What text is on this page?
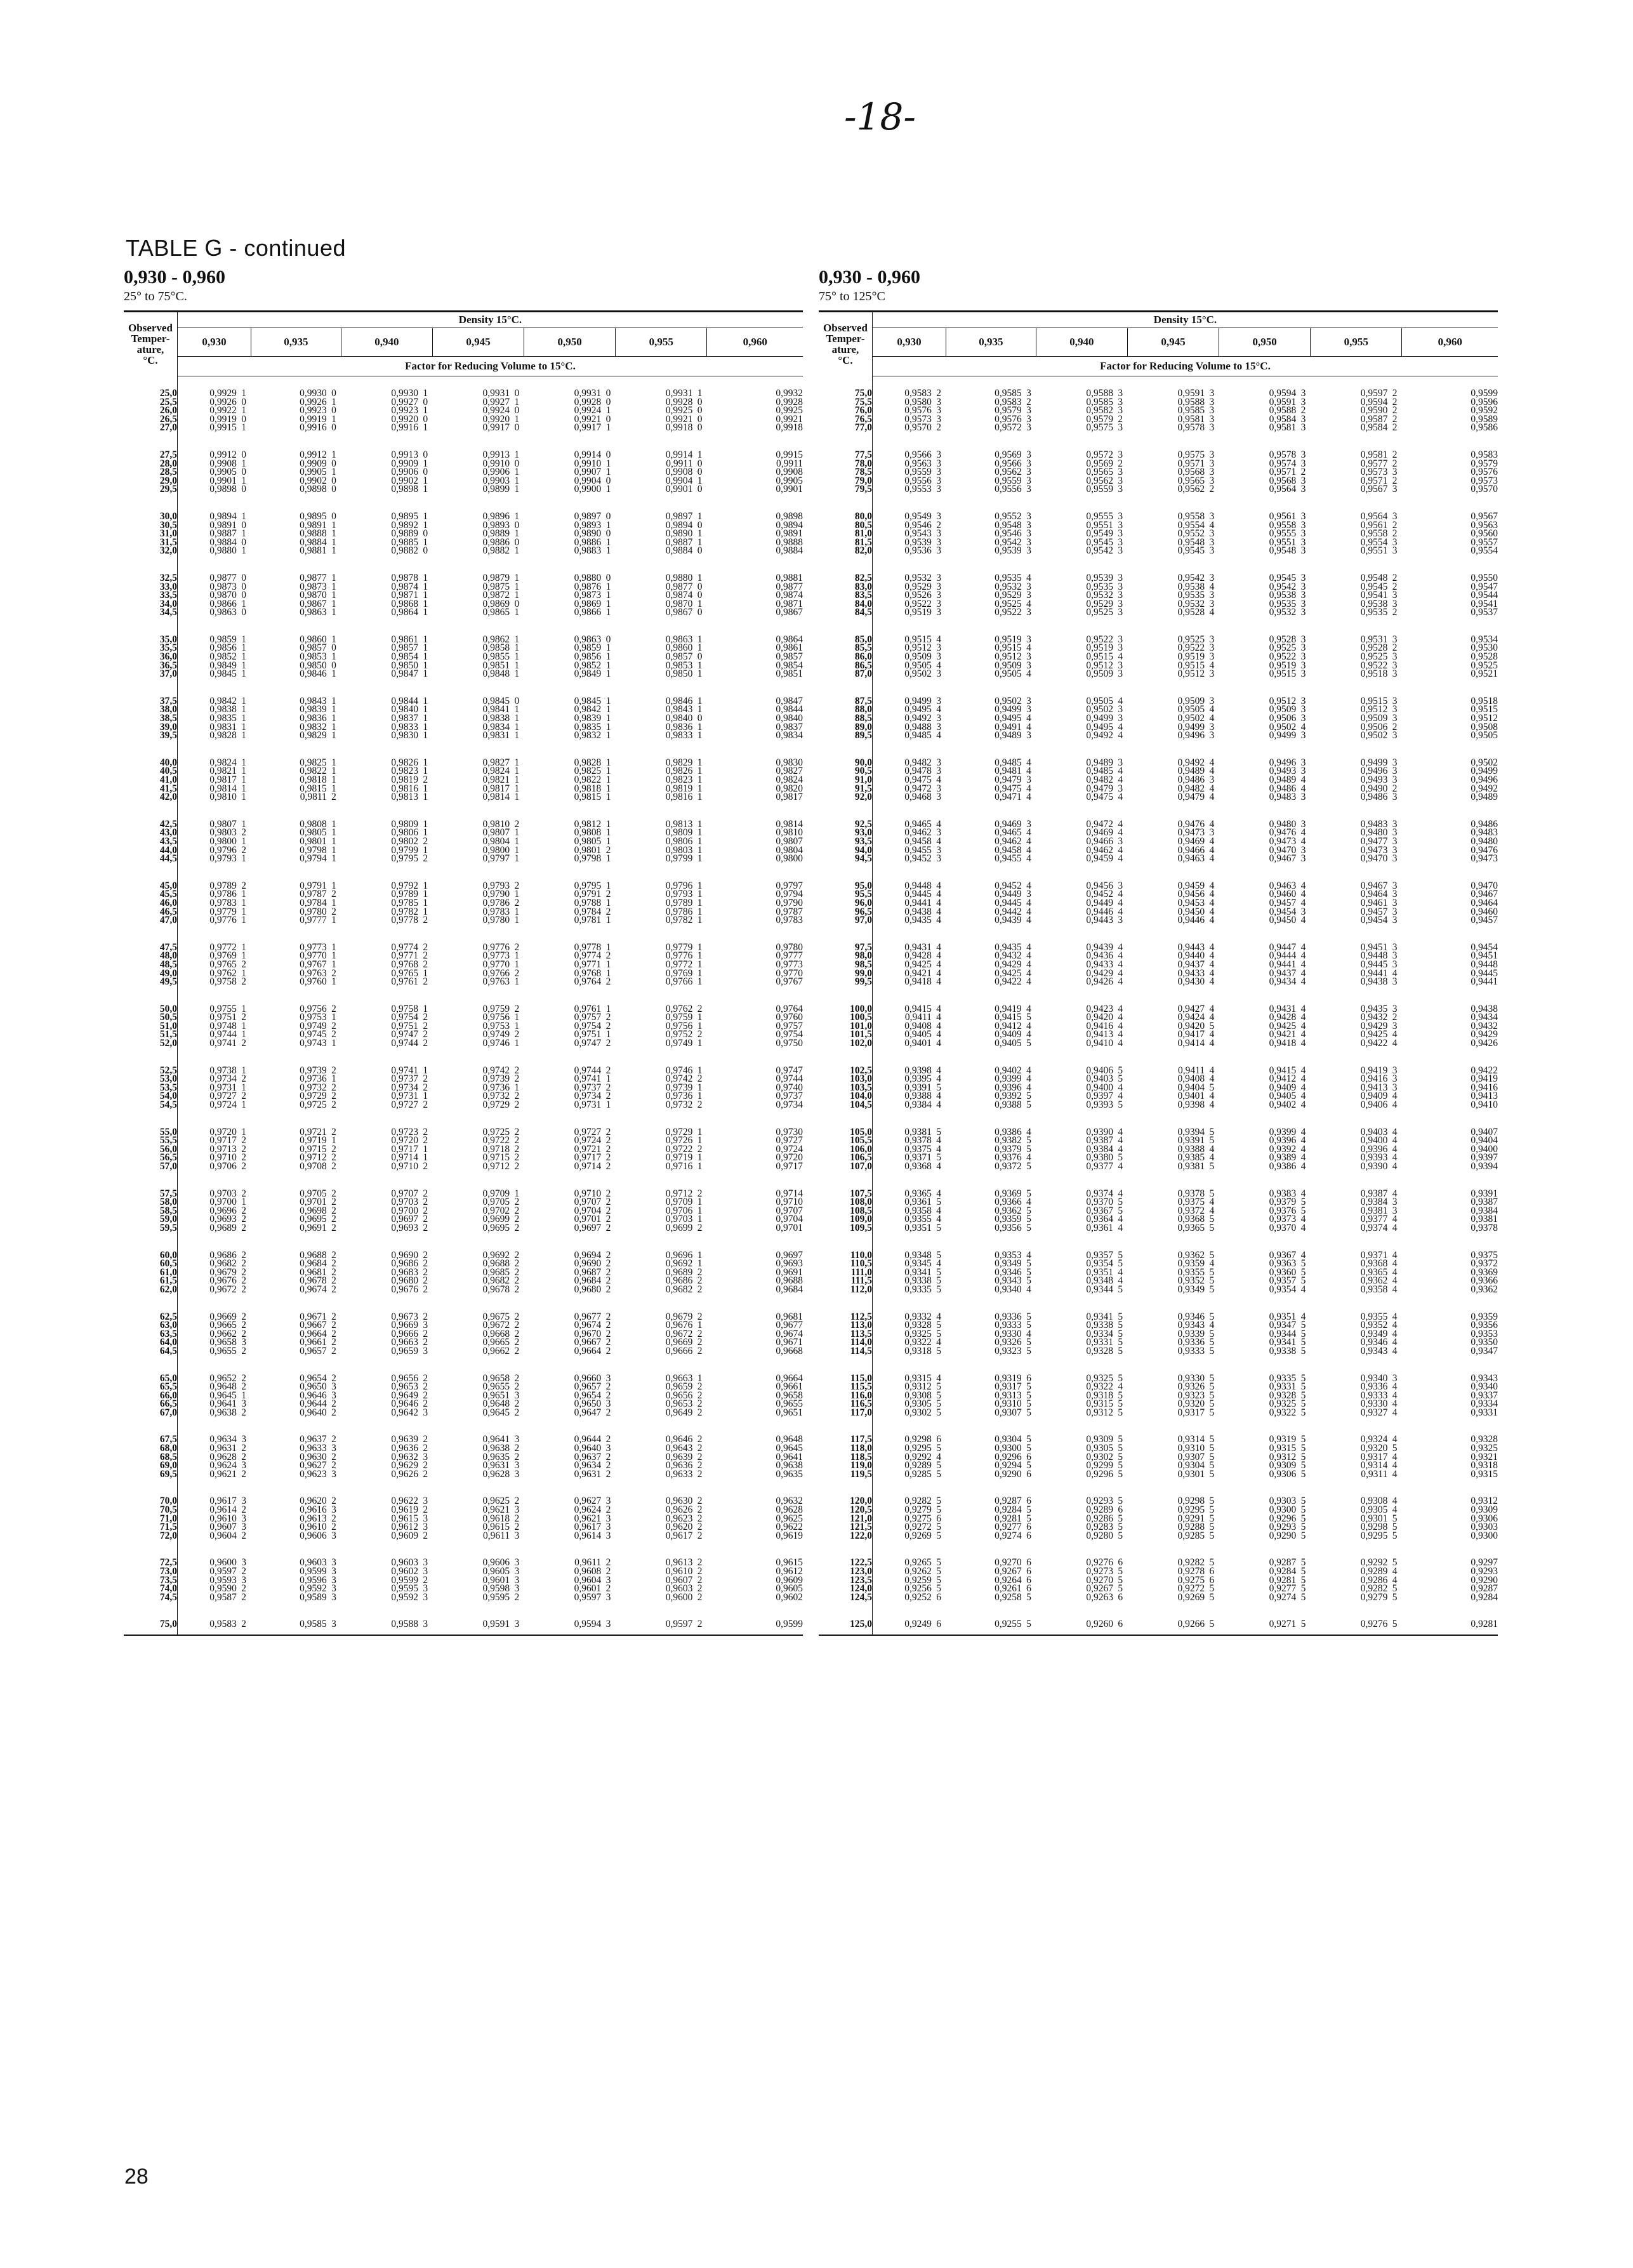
-18-
TABLE G - continued
0,930 - 0,960
25° to 75°C.
Observed
Temper-
ature,
°C.	Density 15°C.												
	0,930		0,935		0,940		0,945		0,950		0,955		0,960
	Factor for Reducing Volume to 15°C.												
25,0	0,9929	1	0,9930	0	0,9930	1	0,9931	0	0,9931	0	0,9931	1	0,9932
25,5	0,9926	0	0,9926	1	0,9927	0	0,9927	1	0,9928	0	0,9928	0	0,9928
26,0	0,9922	1	0,9923	0	0,9923	1	0,9924	0	0,9924	1	0,9925	0	0,9925
26,5	0,9919	0	0,9919	1	0,9920	0	0,9920	1	0,9921	0	0,9921	0	0,9921
27,0	0,9915	1	0,9916	0	0,9916	1	0,9917	0	0,9917	1	0,9918	0	0,9918
27,5	0,9912	0	0,9912	1	0,9913	0	0,9913	1	0,9914	0	0,9914	1	0,9915
28,0	0,9908	1	0,9909	0	0,9909	1	0,9910	0	0,9910	1	0,9911	0	0,9911
28,5	0,9905	0	0,9905	1	0,9906	0	0,9906	1	0,9907	1	0,9908	0	0,9908
29,0	0,9901	1	0,9902	0	0,9902	1	0,9903	1	0,9904	0	0,9904	1	0,9905
29,5	0,9898	0	0,9898	0	0,9898	1	0,9899	1	0,9900	1	0,9901	0	0,9901
30,0	0,9894	1	0,9895	0	0,9895	1	0,9896	1	0,9897	0	0,9897	1	0,9898
30,5	0,9891	0	0,9891	1	0,9892	1	0,9893	0	0,9893	1	0,9894	0	0,9894
31,0	0,9887	1	0,9888	1	0,9889	0	0,9889	1	0,9890	0	0,9890	1	0,9891
31,5	0,9884	0	0,9884	1	0,9885	1	0,9886	0	0,9886	1	0,9887	1	0,9888
32,0	0,9880	1	0,9881	1	0,9882	0	0,9882	1	0,9883	1	0,9884	0	0,9884
32,5	0,9877	0	0,9877	1	0,9878	1	0,9879	1	0,9880	0	0,9880	1	0,9881
33,0	0,9873	0	0,9873	1	0,9874	1	0,9875	1	0,9876	1	0,9877	0	0,9877
33,5	0,9870	0	0,9870	1	0,9871	1	0,9872	1	0,9873	1	0,9874	0	0,9874
34,0	0,9866	1	0,9867	1	0,9868	1	0,9869	0	0,9869	1	0,9870	1	0,9871
34,5	0,9863	0	0,9863	1	0,9864	1	0,9865	1	0,9866	1	0,9867	0	0,9867
35,0	0,9859	1	0,9860	1	0,9861	1	0,9862	1	0,9863	0	0,9863	1	0,9864
35,5	0,9856	1	0,9857	0	0,9857	1	0,9858	1	0,9859	1	0,9860	1	0,9861
36,0	0,9852	1	0,9853	1	0,9854	1	0,9855	1	0,9856	1	0,9857	0	0,9857
36,5	0,9849	1	0,9850	0	0,9850	1	0,9851	1	0,9852	1	0,9853	1	0,9854
37,0	0,9845	1	0,9846	1	0,9847	1	0,9848	1	0,9849	1	0,9850	1	0,9851
37,5	0,9842	1	0,9843	1	0,9844	1	0,9845	0	0,9845	1	0,9846	1	0,9847
38,0	0,9838	1	0,9839	1	0,9840	1	0,9841	1	0,9842	1	0,9843	1	0,9844
38,5	0,9835	1	0,9836	1	0,9837	1	0,9838	1	0,9839	1	0,9840	0	0,9840
39,0	0,9831	1	0,9832	1	0,9833	1	0,9834	1	0,9835	1	0,9836	1	0,9837
39,5	0,9828	1	0,9829	1	0,9830	1	0,9831	1	0,9832	1	0,9833	1	0,9834
40,0	0,9824	1	0,9825	1	0,9826	1	0,9827	1	0,9828	1	0,9829	1	0,9830
40,5	0,9821	1	0,9822	1	0,9823	1	0,9824	1	0,9825	1	0,9826	1	0,9827
41,0	0,9817	1	0,9818	1	0,9819	2	0,9821	1	0,9822	1	0,9823	1	0,9824
41,5	0,9814	1	0,9815	1	0,9816	1	0,9817	1	0,9818	1	0,9819	1	0,9820
42,0	0,9810	1	0,9811	2	0,9813	1	0,9814	1	0,9815	1	0,9816	1	0,9817
42,5	0,9807	1	0,9808	1	0,9809	1	0,9810	2	0,9812	1	0,9813	1	0,9814
43,0	0,9803	2	0,9805	1	0,9806	1	0,9807	1	0,9808	1	0,9809	1	0,9810
43,5	0,9800	1	0,9801	1	0,9802	2	0,9804	1	0,9805	1	0,9806	1	0,9807
44,0	0,9796	2	0,9798	1	0,9799	1	0,9800	1	0,9801	2	0,9803	1	0,9804
44,5	0,9793	1	0,9794	1	0,9795	2	0,9797	1	0,9798	1	0,9799	1	0,9800
45,0	0,9789	2	0,9791	1	0,9792	1	0,9793	2	0,9795	1	0,9796	1	0,9797
45,5	0,9786	1	0,9787	2	0,9789	1	0,9790	1	0,9791	2	0,9793	1	0,9794
46,0	0,9783	1	0,9784	1	0,9785	1	0,9786	2	0,9788	1	0,9789	1	0,9790
46,5	0,9779	1	0,9780	2	0,9782	1	0,9783	1	0,9784	2	0,9786	1	0,9787
47,0	0,9776	1	0,9777	1	0,9778	2	0,9780	1	0,9781	1	0,9782	1	0,9783
47,5	0,9772	1	0,9773	1	0,9774	2	0,9776	2	0,9778	1	0,9779	1	0,9780
48,0	0,9769	1	0,9770	1	0,9771	2	0,9773	1	0,9774	2	0,9776	1	0,9777
48,5	0,9765	2	0,9767	1	0,9768	2	0,9770	1	0,9771	1	0,9772	1	0,9773
49,0	0,9762	1	0,9763	2	0,9765	1	0,9766	2	0,9768	1	0,9769	1	0,9770
49,5	0,9758	2	0,9760	1	0,9761	2	0,9763	1	0,9764	2	0,9766	1	0,9767
50,0	0,9755	1	0,9756	2	0,9758	1	0,9759	2	0,9761	1	0,9762	2	0,9764
50,5	0,9751	2	0,9753	1	0,9754	2	0,9756	1	0,9757	2	0,9759	1	0,9760
51,0	0,9748	1	0,9749	2	0,9751	2	0,9753	1	0,9754	2	0,9756	1	0,9757
51,5	0,9744	1	0,9745	2	0,9747	2	0,9749	2	0,9751	1	0,9752	2	0,9754
52,0	0,9741	2	0,9743	1	0,9744	2	0,9746	1	0,9747	2	0,9749	1	0,9750
52,5	0,9738	1	0,9739	2	0,9741	1	0,9742	2	0,9744	2	0,9746	1	0,9747
53,0	0,9734	2	0,9736	1	0,9737	2	0,9739	2	0,9741	1	0,9742	2	0,9744
53,5	0,9731	1	0,9732	2	0,9734	2	0,9736	1	0,9737	2	0,9739	1	0,9740
54,0	0,9727	2	0,9729	2	0,9731	1	0,9732	2	0,9734	2	0,9736	1	0,9737
54,5	0,9724	1	0,9725	2	0,9727	2	0,9729	2	0,9731	1	0,9732	2	0,9734
55,0	0,9720	1	0,9721	2	0,9723	2	0,9725	2	0,9727	2	0,9729	1	0,9730
55,5	0,9717	2	0,9719	1	0,9720	2	0,9722	2	0,9724	2	0,9726	1	0,9727
56,0	0,9713	2	0,9715	2	0,9717	1	0,9718	2	0,9721	2	0,9722	2	0,9724
56,5	0,9710	2	0,9712	2	0,9714	1	0,9715	2	0,9717	2	0,9719	1	0,9720
57,0	0,9706	2	0,9708	2	0,9710	2	0,9712	2	0,9714	2	0,9716	1	0,9717
57,5	0,9703	2	0,9705	2	0,9707	2	0,9709	1	0,9710	2	0,9712	2	0,9714
58,0	0,9700	1	0,9701	2	0,9703	2	0,9705	2	0,9707	2	0,9709	1	0,9710
58,5	0,9696	2	0,9698	2	0,9700	2	0,9702	2	0,9704	2	0,9706	1	0,9707
59,0	0,9693	2	0,9695	2	0,9697	2	0,9699	2	0,9701	2	0,9703	1	0,9704
59,5	0,9689	2	0,9691	2	0,9693	2	0,9695	2	0,9697	2	0,9699	2	0,9701
60,0	0,9686	2	0,9688	2	0,9690	2	0,9692	2	0,9694	2	0,9696	1	0,9697
60,5	0,9682	2	0,9684	2	0,9686	2	0,9688	2	0,9690	2	0,9692	1	0,9693
61,0	0,9679	2	0,9681	2	0,9683	2	0,9685	2	0,9687	2	0,9689	2	0,9691
61,5	0,9676	2	0,9678	2	0,9680	2	0,9682	2	0,9684	2	0,9686	2	0,9688
62,0	0,9672	2	0,9674	2	0,9676	2	0,9678	2	0,9680	2	0,9682	2	0,9684
62,5	0,9669	2	0,9671	2	0,9673	2	0,9675	2	0,9677	2	0,9679	2	0,9681
63,0	0,9665	2	0,9667	2	0,9669	3	0,9672	2	0,9674	2	0,9676	1	0,9677
63,5	0,9662	2	0,9664	2	0,9666	2	0,9668	2	0,9670	2	0,9672	2	0,9674
64,0	0,9658	3	0,9661	2	0,9663	2	0,9665	2	0,9667	2	0,9669	2	0,9671
64,5	0,9655	2	0,9657	2	0,9659	3	0,9662	2	0,9664	2	0,9666	2	0,9668
65,0	0,9652	2	0,9654	2	0,9656	2	0,9658	2	0,9660	3	0,9663	1	0,9664
65,5	0,9648	2	0,9650	3	0,9653	2	0,9655	2	0,9657	2	0,9659	2	0,9661
66,0	0,9645	1	0,9646	3	0,9649	2	0,9651	3	0,9654	2	0,9656	2	0,9658
66,5	0,9641	3	0,9644	2	0,9646	2	0,9648	2	0,9650	3	0,9653	2	0,9655
67,0	0,9638	2	0,9640	2	0,9642	3	0,9645	2	0,9647	2	0,9649	2	0,9651
67,5	0,9634	3	0,9637	2	0,9639	2	0,9641	3	0,9644	2	0,9646	2	0,9648
68,0	0,9631	2	0,9633	3	0,9636	2	0,9638	2	0,9640	3	0,9643	2	0,9645
68,5	0,9628	2	0,9630	2	0,9632	3	0,9635	2	0,9637	2	0,9639	2	0,9641
69,0	0,9624	3	0,9627	2	0,9629	2	0,9631	3	0,9634	2	0,9636	2	0,9638
69,5	0,9621	2	0,9623	3	0,9626	2	0,9628	3	0,9631	2	0,9633	2	0,9635
70,0	0,9617	3	0,9620	2	0,9622	3	0,9625	2	0,9627	3	0,9630	2	0,9632
70,5	0,9614	2	0,9616	3	0,9619	2	0,9621	3	0,9624	2	0,9626	2	0,9628
71,0	0,9610	3	0,9613	2	0,9615	3	0,9618	2	0,9621	3	0,9623	2	0,9625
71,5	0,9607	3	0,9610	2	0,9612	3	0,9615	2	0,9617	3	0,9620	2	0,9622
72,0	0,9604	2	0,9606	3	0,9609	2	0,9611	3	0,9614	3	0,9617	2	0,9619
72,5	0,9600	3	0,9603	3	0,9603	3	0,9606	3	0,9611	2	0,9613	2	0,9615
73,0	0,9597	2	0,9599	3	0,9602	3	0,9605	3	0,9608	2	0,9610	2	0,9612
73,5	0,9593	3	0,9596	3	0,9599	2	0,9601	3	0,9604	3	0,9607	2	0,9609
74,0	0,9590	2	0,9592	3	0,9595	3	0,9598	3	0,9601	2	0,9603	2	0,9605
74,5	0,9587	2	0,9589	3	0,9592	3	0,9595	2	0,9597	3	0,9600	2	0,9602
75,0	0,9583	2	0,9585	3	0,9588	3	0,9591	3	0,9594	3	0,9597	2	0,9599
0,930 - 0,960
75° to 125°C
Observed
Temper-
ature,
°C.	Density 15°C.												
	0,930		0,935		0,940		0,945		0,950		0,955		0,960
	Factor for Reducing Volume to 15°C.												
75,0	0,9583	2	0,9585	3	0,9588	3	0,9591	3	0,9594	3	0,9597	2	0,9599
75,5	0,9580	3	0,9583	2	0,9585	3	0,9588	3	0,9591	3	0,9594	2	0,9596
76,0	0,9576	3	0,9579	3	0,9582	3	0,9585	3	0,9588	2	0,9590	2	0,9592
76,5	0,9573	3	0,9576	3	0,9579	2	0,9581	3	0,9584	3	0,9587	2	0,9589
77,0	0,9570	2	0,9572	3	0,9575	3	0,9578	3	0,9581	3	0,9584	2	0,9586
77,5	0,9566	3	0,9569	3	0,9572	3	0,9575	3	0,9578	3	0,9581	2	0,9583
78,0	0,9563	3	0,9566	3	0,9569	2	0,9571	3	0,9574	3	0,9577	2	0,9579
78,5	0,9559	3	0,9562	3	0,9565	3	0,9568	3	0,9571	2	0,9573	3	0,9576
79,0	0,9556	3	0,9559	3	0,9562	3	0,9565	3	0,9568	3	0,9571	2	0,9573
79,5	0,9553	3	0,9556	3	0,9559	3	0,9562	2	0,9564	3	0,9567	3	0,9570
80,0	0,9549	3	0,9552	3	0,9555	3	0,9558	3	0,9561	3	0,9564	3	0,9567
80,5	0,9546	2	0,9548	3	0,9551	3	0,9554	4	0,9558	3	0,9561	2	0,9563
81,0	0,9543	3	0,9546	3	0,9549	3	0,9552	3	0,9555	3	0,9558	2	0,9560
81,5	0,9539	3	0,9542	3	0,9545	3	0,9548	3	0,9551	3	0,9554	3	0,9557
82,0	0,9536	3	0,9539	3	0,9542	3	0,9545	3	0,9548	3	0,9551	3	0,9554
82,5	0,9532	3	0,9535	4	0,9539	3	0,9542	3	0,9545	3	0,9548	2	0,9550
83,0	0,9529	3	0,9532	3	0,9535	3	0,9538	4	0,9542	3	0,9545	2	0,9547
83,5	0,9526	3	0,9529	3	0,9532	3	0,9535	3	0,9538	3	0,9541	3	0,9544
84,0	0,9522	3	0,9525	4	0,9529	3	0,9532	3	0,9535	3	0,9538	3	0,9541
84,5	0,9519	3	0,9522	3	0,9525	3	0,9528	4	0,9532	3	0,9535	2	0,9537
85,0	0,9515	4	0,9519	3	0,9522	3	0,9525	3	0,9528	3	0,9531	3	0,9534
85,5	0,9512	3	0,9515	4	0,9519	3	0,9522	3	0,9525	3	0,9528	2	0,9530
86,0	0,9509	3	0,9512	3	0,9515	4	0,9519	3	0,9522	3	0,9525	3	0,9528
86,5	0,9505	4	0,9509	3	0,9512	3	0,9515	4	0,9519	3	0,9522	3	0,9525
87,0	0,9502	3	0,9505	4	0,9509	3	0,9512	3	0,9515	3	0,9518	3	0,9521
87,5	0,9499	3	0,9502	3	0,9505	4	0,9509	3	0,9512	3	0,9515	3	0,9518
88,0	0,9495	4	0,9499	3	0,9502	3	0,9505	4	0,9509	3	0,9512	3	0,9515
88,5	0,9492	3	0,9495	4	0,9499	3	0,9502	4	0,9506	3	0,9509	3	0,9512
89,0	0,9488	3	0,9491	4	0,9495	4	0,9499	3	0,9502	4	0,9506	2	0,9508
89,5	0,9485	4	0,9489	3	0,9492	4	0,9496	3	0,9499	3	0,9502	3	0,9505
90,0	0,9482	3	0,9485	4	0,9489	3	0,9492	4	0,9496	3	0,9499	3	0,9502
90,5	0,9478	3	0,9481	4	0,9485	4	0,9489	4	0,9493	3	0,9496	3	0,9499
91,0	0,9475	4	0,9479	3	0,9482	4	0,9486	3	0,9489	4	0,9493	3	0,9496
91,5	0,9472	3	0,9475	4	0,9479	3	0,9482	4	0,9486	4	0,9490	2	0,9492
92,0	0,9468	3	0,9471	4	0,9475	4	0,9479	4	0,9483	3	0,9486	3	0,9489
92,5	0,9465	4	0,9469	3	0,9472	4	0,9476	4	0,9480	3	0,9483	3	0,9486
93,0	0,9462	3	0,9465	4	0,9469	4	0,9473	3	0,9476	4	0,9480	3	0,9483
93,5	0,9458	4	0,9462	4	0,9466	3	0,9469	4	0,9473	4	0,9477	3	0,9480
94,0	0,9455	3	0,9458	4	0,9462	4	0,9466	4	0,9470	3	0,9473	3	0,9476
94,5	0,9452	3	0,9455	4	0,9459	4	0,9463	4	0,9467	3	0,9470	3	0,9473
95,0	0,9448	4	0,9452	4	0,9456	3	0,9459	4	0,9463	4	0,9467	3	0,9470
95,5	0,9445	4	0,9449	3	0,9452	4	0,9456	4	0,9460	4	0,9464	3	0,9467
96,0	0,9441	4	0,9445	4	0,9449	4	0,9453	4	0,9457	4	0,9461	3	0,9464
96,5	0,9438	4	0,9442	4	0,9446	4	0,9450	4	0,9454	3	0,9457	3	0,9460
97,0	0,9435	4	0,9439	4	0,9443	3	0,9446	4	0,9450	4	0,9454	3	0,9457
97,5	0,9431	4	0,9435	4	0,9439	4	0,9443	4	0,9447	4	0,9451	3	0,9454
98,0	0,9428	4	0,9432	4	0,9436	4	0,9440	4	0,9444	4	0,9448	3	0,9451
98,5	0,9425	4	0,9429	4	0,9433	4	0,9437	4	0,9441	4	0,9445	3	0,9448
99,0	0,9421	4	0,9425	4	0,9429	4	0,9433	4	0,9437	4	0,9441	4	0,9445
99,5	0,9418	4	0,9422	4	0,9426	4	0,9430	4	0,9434	4	0,9438	3	0,9441
100,0	0,9415	4	0,9419	4	0,9423	4	0,9427	4	0,9431	4	0,9435	3	0,9438
100,5	0,9411	4	0,9415	5	0,9420	4	0,9424	4	0,9428	4	0,9432	2	0,9434
101,0	0,9408	4	0,9412	4	0,9416	4	0,9420	5	0,9425	4	0,9429	3	0,9432
101,5	0,9405	4	0,9409	4	0,9413	4	0,9417	4	0,9421	4	0,9425	4	0,9429
102,0	0,9401	4	0,9405	5	0,9410	4	0,9414	4	0,9418	4	0,9422	4	0,9426
102,5	0,9398	4	0,9402	4	0,9406	5	0,9411	4	0,9415	4	0,9419	3	0,9422
103,0	0,9395	4	0,9399	4	0,9403	5	0,9408	4	0,9412	4	0,9416	3	0,9419
103,5	0,9391	5	0,9396	4	0,9400	4	0,9404	5	0,9409	4	0,9413	3	0,9416
104,0	0,9388	4	0,9392	5	0,9397	4	0,9401	4	0,9405	4	0,9409	4	0,9413
104,5	0,9384	4	0,9388	5	0,9393	5	0,9398	4	0,9402	4	0,9406	4	0,9410
105,0	0,9381	5	0,9386	4	0,9390	4	0,9394	5	0,9399	4	0,9403	4	0,9407
105,5	0,9378	4	0,9382	5	0,9387	4	0,9391	5	0,9396	4	0,9400	4	0,9404
106,0	0,9375	4	0,9379	5	0,9384	4	0,9388	4	0,9392	4	0,9396	4	0,9400
106,5	0,9371	5	0,9376	4	0,9380	5	0,9385	4	0,9389	4	0,9393	4	0,9397
107,0	0,9368	4	0,9372	5	0,9377	4	0,9381	5	0,9386	4	0,9390	4	0,9394
107,5	0,9365	4	0,9369	5	0,9374	4	0,9378	5	0,9383	4	0,9387	4	0,9391
108,0	0,9361	5	0,9366	4	0,9370	5	0,9375	4	0,9379	5	0,9384	3	0,9387
108,5	0,9358	4	0,9362	5	0,9367	5	0,9372	4	0,9376	5	0,9381	3	0,9384
109,0	0,9355	4	0,9359	5	0,9364	4	0,9368	5	0,9373	4	0,9377	4	0,9381
109,5	0,9351	5	0,9356	5	0,9361	4	0,9365	5	0,9370	4	0,9374	4	0,9378
110,0	0,9348	5	0,9353	4	0,9357	5	0,9362	5	0,9367	4	0,9371	4	0,9375
110,5	0,9345	4	0,9349	5	0,9354	5	0,9359	4	0,9363	5	0,9368	4	0,9372
111,0	0,9341	5	0,9346	5	0,9351	4	0,9355	5	0,9360	5	0,9365	4	0,9369
111,5	0,9338	5	0,9343	5	0,9348	4	0,9352	5	0,9357	5	0,9362	4	0,9366
112,0	0,9335	5	0,9340	4	0,9344	5	0,9349	5	0,9354	4	0,9358	4	0,9362
112,5	0,9332	4	0,9336	5	0,9341	5	0,9346	5	0,9351	4	0,9355	4	0,9359
113,0	0,9328	5	0,9333	5	0,9338	5	0,9343	4	0,9347	5	0,9352	4	0,9356
113,5	0,9325	5	0,9330	4	0,9334	5	0,9339	5	0,9344	5	0,9349	4	0,9353
114,0	0,9322	4	0,9326	5	0,9331	5	0,9336	5	0,9341	5	0,9346	4	0,9350
114,5	0,9318	5	0,9323	5	0,9328	5	0,9333	5	0,9338	5	0,9343	4	0,9347
115,0	0,9315	4	0,9319	6	0,9325	5	0,9330	5	0,9335	5	0,9340	3	0,9343
115,5	0,9312	5	0,9317	5	0,9322	4	0,9326	5	0,9331	5	0,9336	4	0,9340
116,0	0,9308	5	0,9313	5	0,9318	5	0,9323	5	0,9328	5	0,9333	4	0,9337
116,5	0,9305	5	0,9310	5	0,9315	5	0,9320	5	0,9325	5	0,9330	4	0,9334
117,0	0,9302	5	0,9307	5	0,9312	5	0,9317	5	0,9322	5	0,9327	4	0,9331
117,5	0,9298	6	0,9304	5	0,9309	5	0,9314	5	0,9319	5	0,9324	4	0,9328
118,0	0,9295	5	0,9300	5	0,9305	5	0,9310	5	0,9315	5	0,9320	5	0,9325
118,5	0,9292	4	0,9296	6	0,9302	5	0,9307	5	0,9312	5	0,9317	4	0,9321
119,0	0,9289	5	0,9294	5	0,9299	5	0,9304	5	0,9309	5	0,9314	4	0,9318
119,5	0,9285	5	0,9290	6	0,9296	5	0,9301	5	0,9306	5	0,9311	4	0,9315
120,0	0,9282	5	0,9287	6	0,9293	5	0,9298	5	0,9303	5	0,9308	4	0,9312
120,5	0,9279	5	0,9284	5	0,9289	6	0,9295	5	0,9300	5	0,9305	4	0,9309
121,0	0,9275	6	0,9281	5	0,9286	5	0,9291	5	0,9296	5	0,9301	5	0,9306
121,5	0,9272	5	0,9277	6	0,9283	5	0,9288	5	0,9293	5	0,9298	5	0,9303
122,0	0,9269	5	0,9274	6	0,9280	5	0,9285	5	0,9290	5	0,9295	5	0,9300
122,5	0,9265	5	0,9270	6	0,9276	6	0,9282	5	0,9287	5	0,9292	5	0,9297
123,0	0,9262	5	0,9267	6	0,9273	5	0,9278	6	0,9284	5	0,9289	4	0,9293
123,5	0,9259	5	0,9264	6	0,9270	5	0,9275	6	0,9281	5	0,9286	4	0,9290
124,0	0,9256	5	0,9261	6	0,9267	5	0,9272	5	0,9277	5	0,9282	5	0,9287
124,5	0,9252	6	0,9258	5	0,9263	6	0,9269	5	0,9274	5	0,9279	5	0,9284
125,0	0,9249	6	0,9255	5	0,9260	6	0,9266	5	0,9271	5	0,9276	5	0,9281
28
